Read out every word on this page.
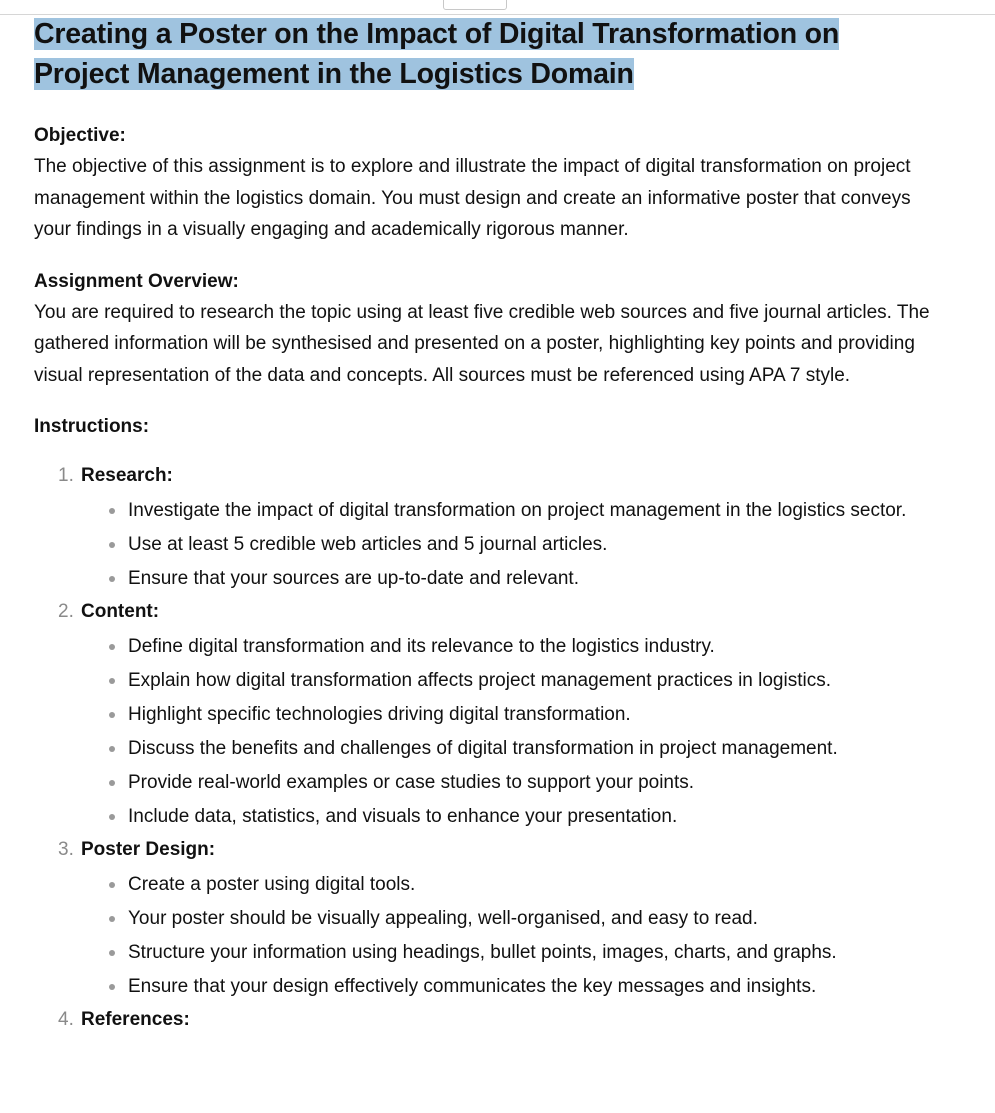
Creating a Poster on the Impact of Digital Transformation on
Project Management in the Logistics Domain
Objective:

The objective of this assignment is to explore and illustrate the impact of digital transformation on project management within the logistics domain. You must design and create an informative poster that conveys your findings in a visually engaging and academically rigorous manner.

Assignment Overview:

You are required to research the topic using at least five credible web sources and five journal articles. The gathered information will be synthesised and presented on a poster, highlighting key points and providing visual representation of the data and concepts. All sources must be referenced using APA 7 style.

Instructions:
1. Research:
Investigate the impact of digital transformation on project management in the logistics sector.
Use at least 5 credible web articles and 5 journal articles.
Ensure that your sources are up-to-date and relevant.
2. Content:
Define digital transformation and its relevance to the logistics industry.
Explain how digital transformation affects project management practices in logistics.
Highlight specific technologies driving digital transformation.
Discuss the benefits and challenges of digital transformation in project management.
Provide real-world examples or case studies to support your points.
Include data, statistics, and visuals to enhance your presentation.
3. Poster Design:
Create a poster using digital tools.
Your poster should be visually appealing, well-organised, and easy to read.
Structure your information using headings, bullet points, images, charts, and graphs.
Ensure that your design effectively communicates the key messages and insights.
4. References:
